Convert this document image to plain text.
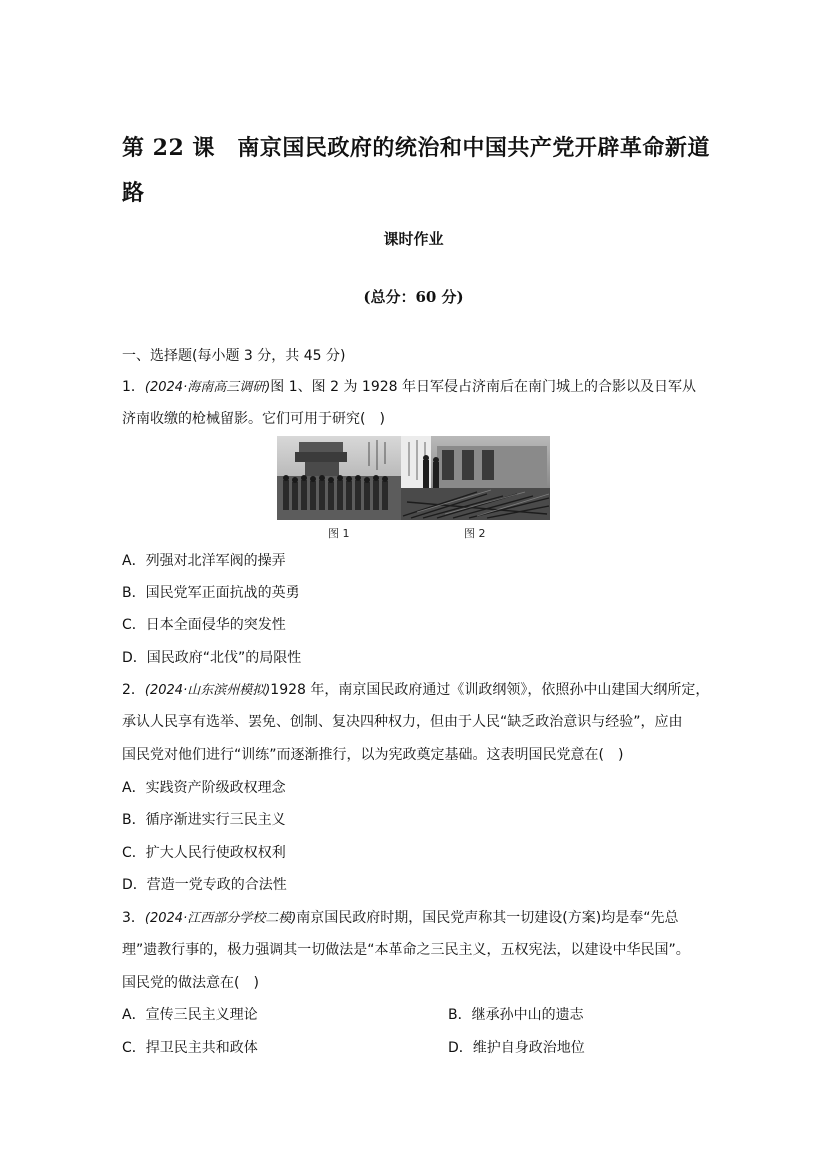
第 22 课　南京国民政府的统治和中国共产党开辟革命新道路
课时作业
(总分：60 分)
一、选择题(每小题 3 分，共 45 分)
1．(2024·海南高三调研)图 1、图 2 为 1928 年日军侵占济南后在南门城上的合影以及日军从
济南收缴的枪械留影。它们可用于研究(　)
图 1	图 2
A．列强对北洋军阀的操弄
B．国民党军正面抗战的英勇
C．日本全面侵华的突发性
D．国民政府“北伐”的局限性
2．(2024·山东滨州模拟)1928 年，南京国民政府通过《训政纲领》，依照孙中山建国大纲所定，
承认人民享有选举、罢免、创制、复决四种权力，但由于人民“缺乏政治意识与经验”，应由
国民党对他们进行“训练”而逐渐推行，以为宪政奠定基础。这表明国民党意在(　)
A．实践资产阶级政权理念
B．循序渐进实行三民主义
C．扩大人民行使政权权利
D．营造一党专政的合法性
3．(2024·江西部分学校二模)南京国民政府时期，国民党声称其一切建设(方案)均是奉“先总
理”遗教行事的，极力强调其一切做法是“本革命之三民主义，五权宪法，以建设中华民国”。
国民党的做法意在(　)
A．宣传三民主义理论	B．继承孙中山的遗志
C．捍卫民主共和政体	D．维护自身政治地位
